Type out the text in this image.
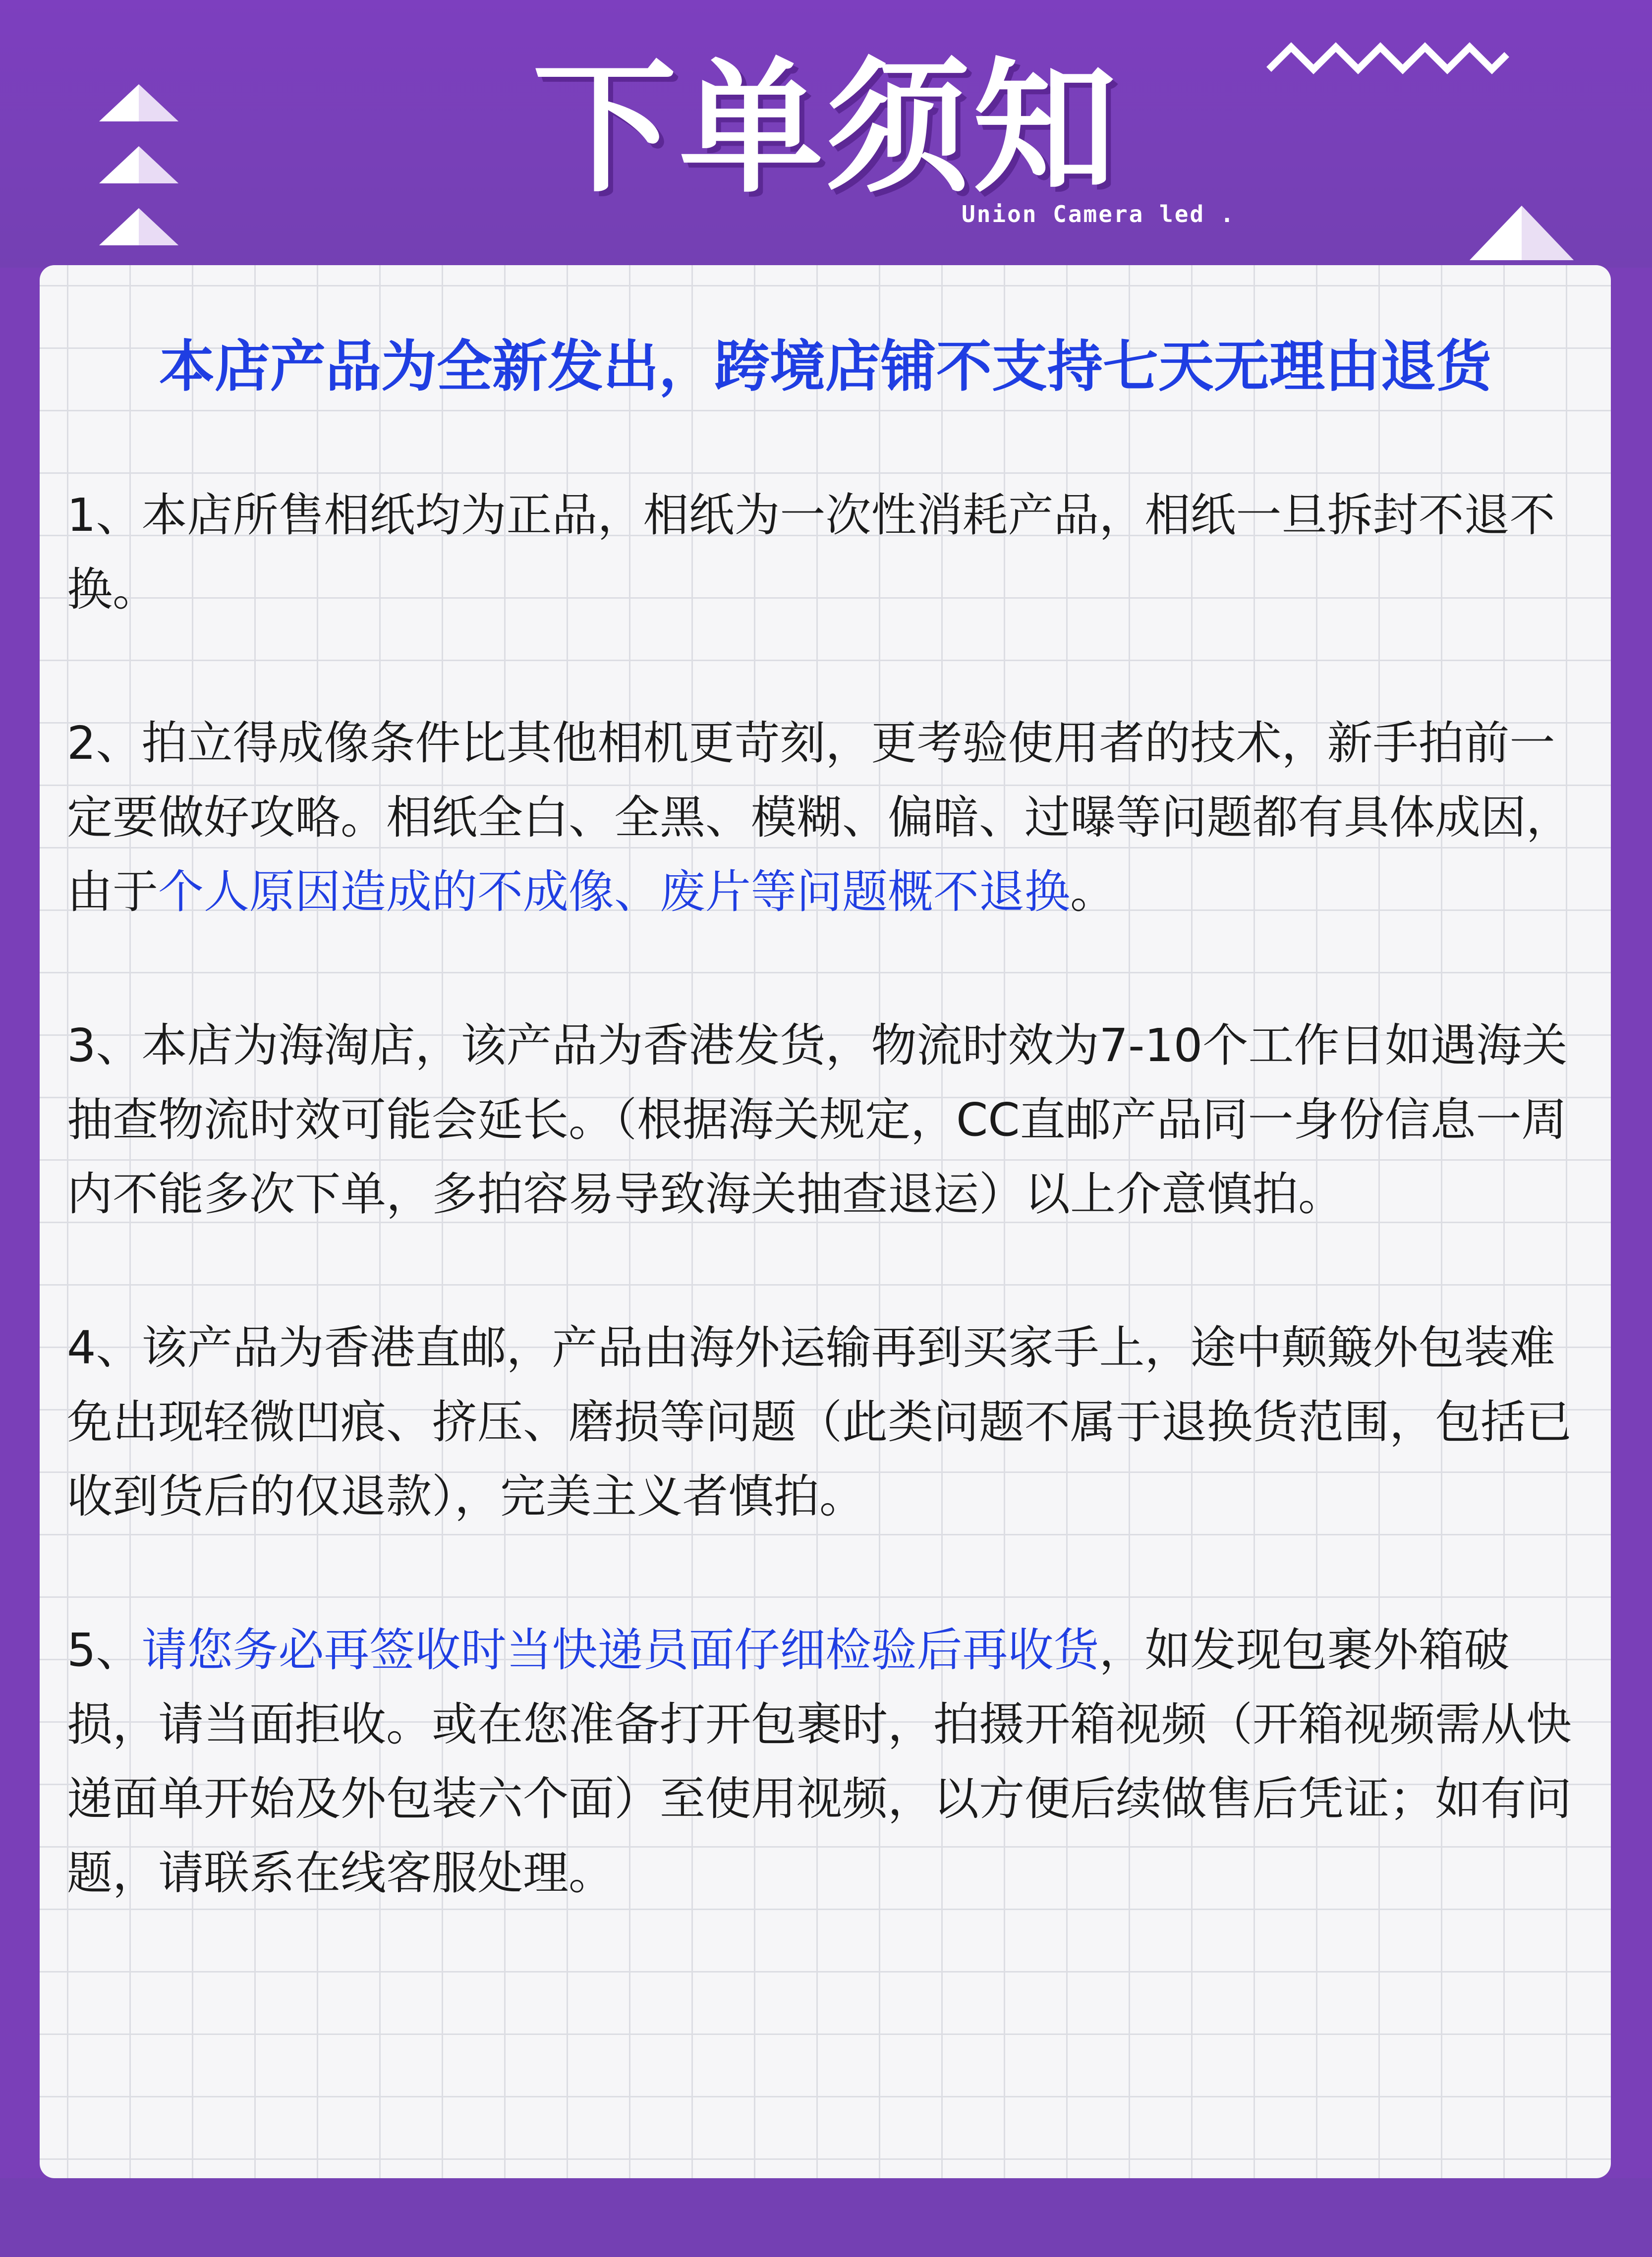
下单须知
Union Camera led .
本店产品为全新发出，跨境店铺不支持七天无理由退货

1、本店所售相纸均为正品，相纸为一次性消耗产品，相纸一旦拆封不退不换。

2、拍立得成像条件比其他相机更苛刻，更考验使用者的技术，新手拍前一定要做好攻略。相纸全白、全黑、模糊、偏暗、过曝等问题都有具体成因，由于个人原因造成的不成像、废片等问题概不退换。

3、本店为海淘店，该产品为香港发货，物流时效为7-10个工作日如遇海关抽查物流时效可能会延长。（根据海关规定，CC直邮产品同一身份信息一周内不能多次下单，多拍容易导致海关抽查退运）以上介意慎拍。

4、该产品为香港直邮，产品由海外运输再到买家手上，途中颠簸外包装难免出现轻微凹痕、挤压、磨损等问题（此类问题不属于退换货范围，包括已收到货后的仅退款），完美主义者慎拍。

5、请您务必再签收时当快递员面仔细检验后再收货，如发现包裹外箱破损，请当面拒收。或在您准备打开包裹时，拍摄开箱视频（开箱视频需从快递面单开始及外包装六个面）至使用视频，以方便后续做售后凭证；如有问题，请联系在线客服处理。
